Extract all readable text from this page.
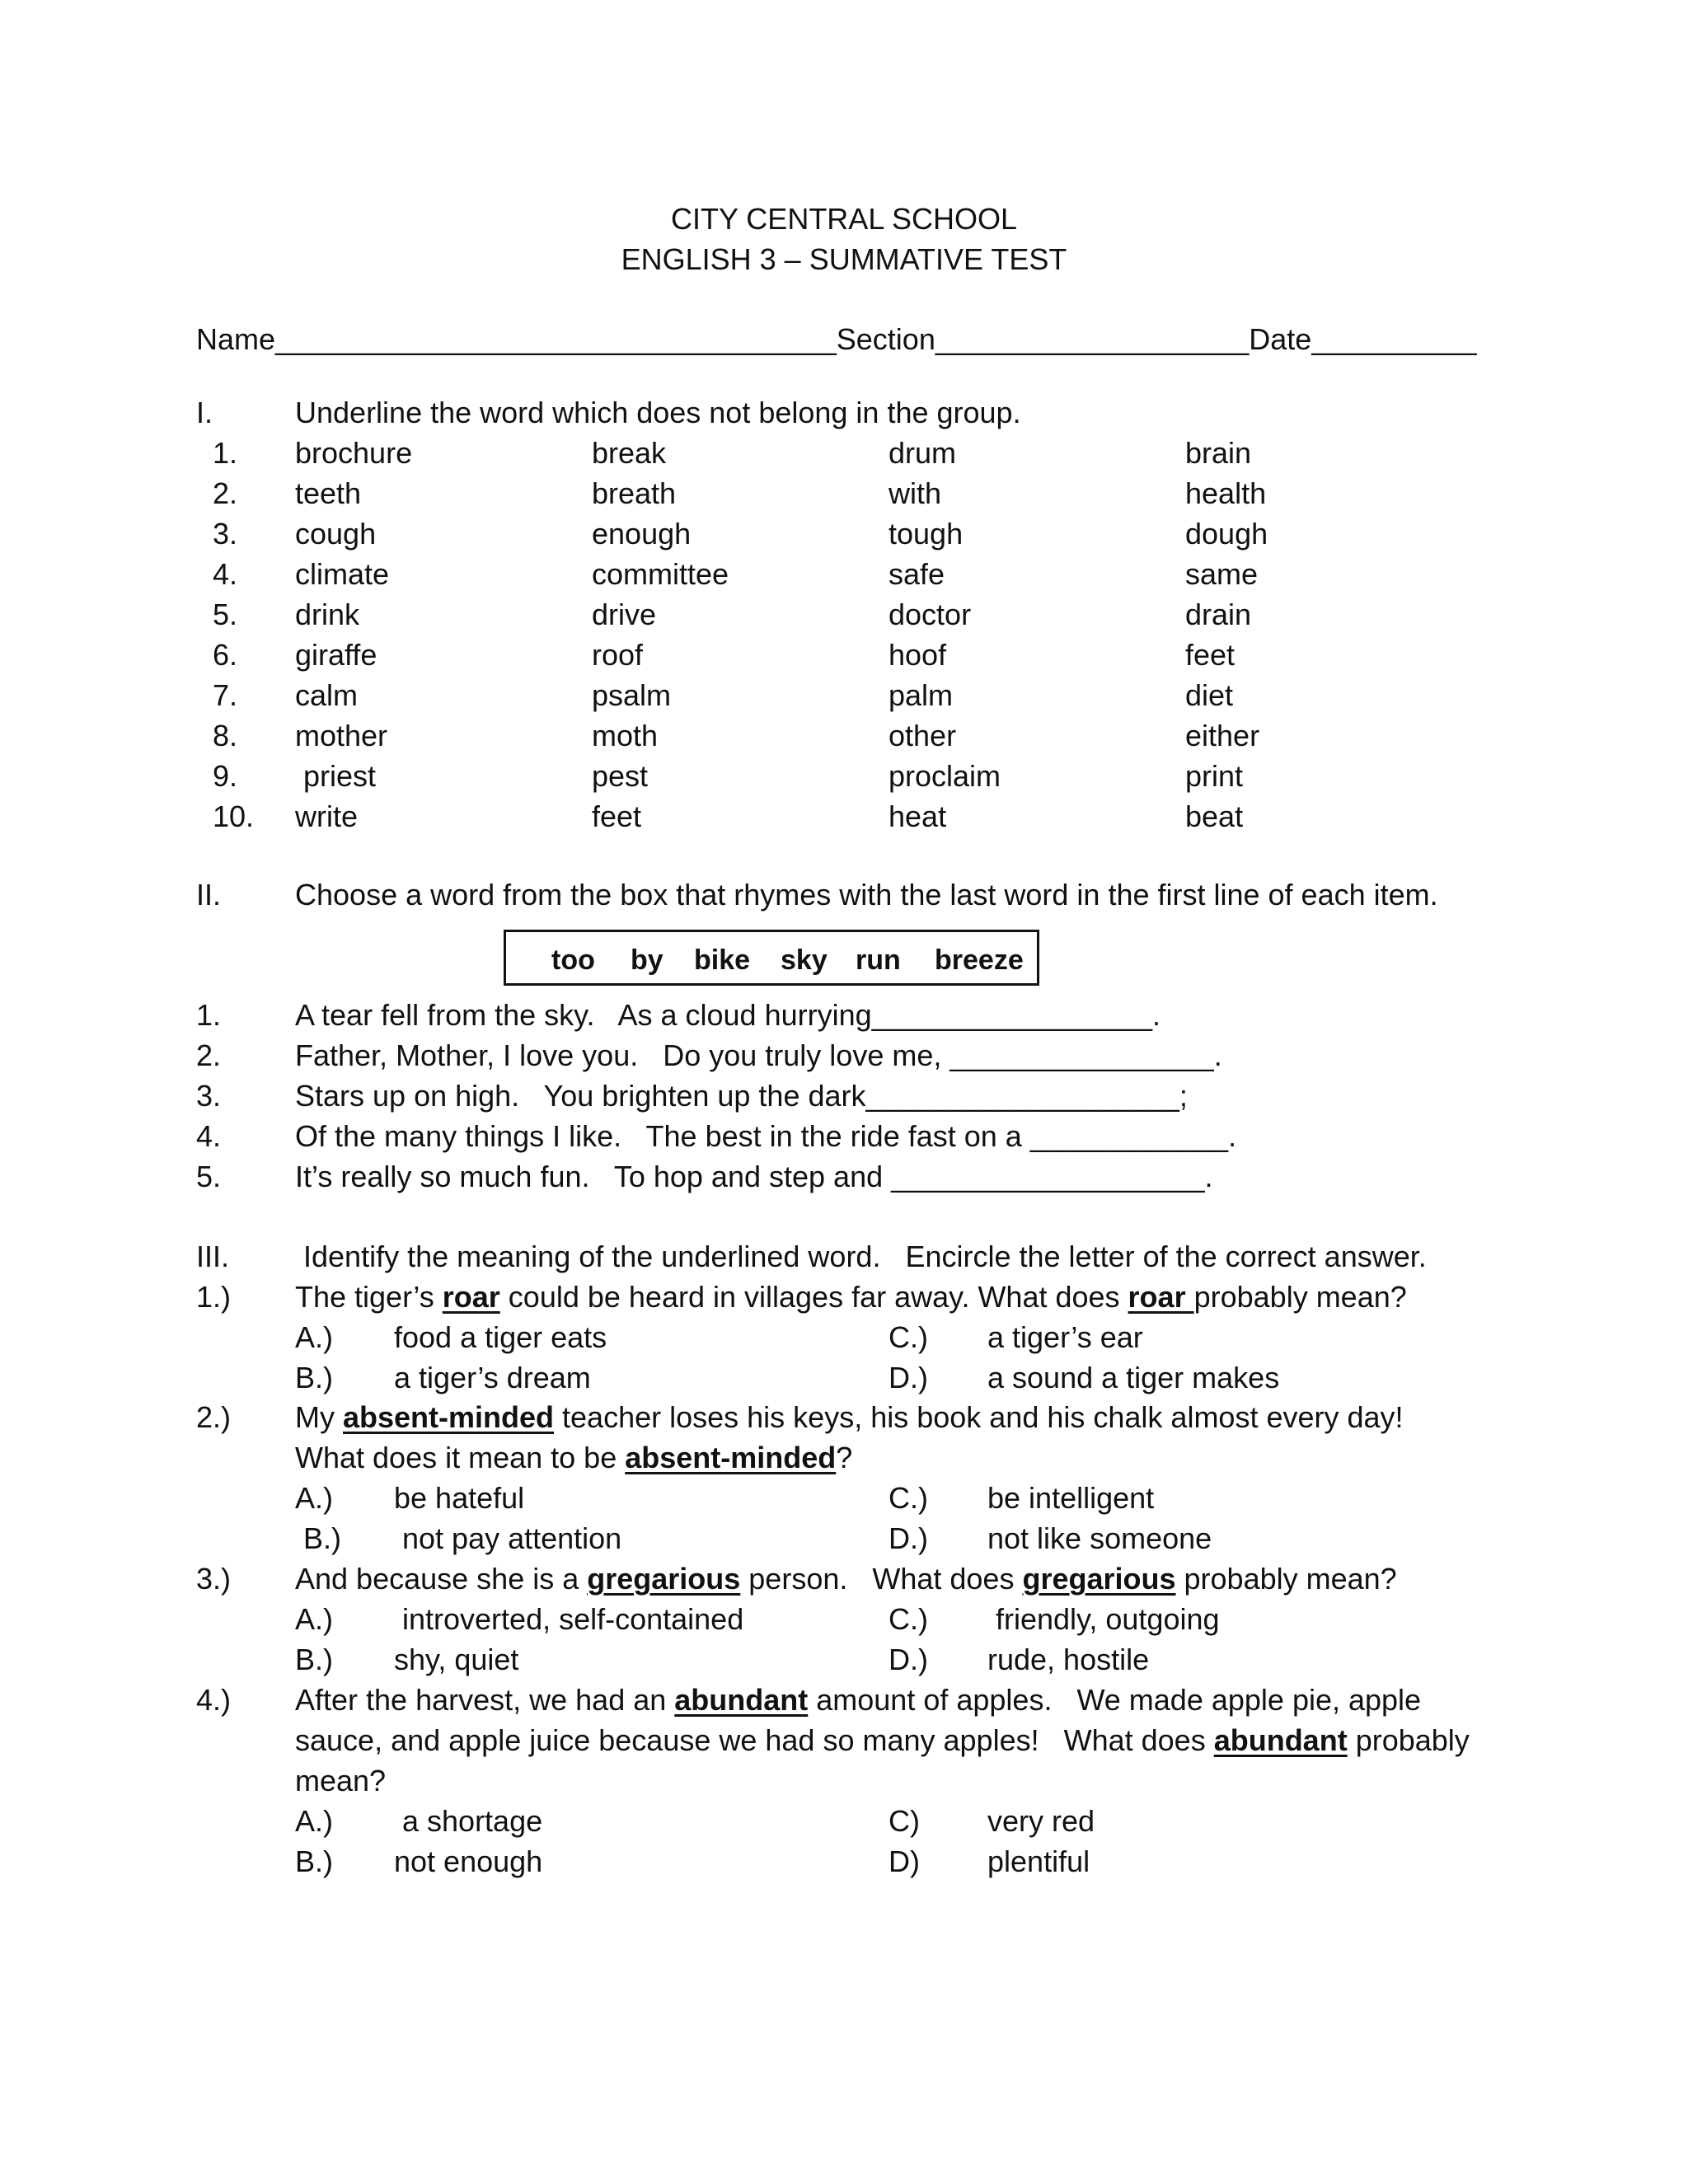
CITY CENTRAL SCHOOL
ENGLISH 3 – SUMMATIVE TEST
Name__________________________________Section___________________Date__________
I.	Underline the word which does not belong in the group.
1. brochure	break	drum	brain
2. teeth	breath	with	health
3. cough	enough	tough	dough
4. climate	committee	safe	same
5. drink	drive	doctor	drain
6. giraffe	roof	hoof	feet
7. calm	psalm	palm	diet
8. mother	moth	other	either
9. priest	pest	proclaim	print
10. write	feet	heat	beat
II. Choose a word from the box that rhymes with the last word in the first line of each item.
too by bike sky run breeze
1. A tear fell from the sky.   As a cloud hurrying_________________.
2. Father, Mother, I love you.   Do you truly love me, ________________.
3. Stars up on high.   You brighten up the dark___________________;
4. Of the many things I like.   The best in the ride fast on a ____________.
5. It’s really so much fun.   To hop and step and ___________________.
III. Identify the meaning of the underlined word.   Encircle the letter of the correct answer.
1.) The tiger’s roar could be heard in villages far away. What does roar probably mean?
A.) food a tiger eats	C.) a tiger’s ear
B.) a tiger’s dream	D.) a sound a tiger makes
2.) My absent-minded teacher loses his keys, his book and his chalk almost every day!
What does it mean to be absent-minded?
A.) be hateful	C.) be intelligent
B.) not pay attention	D.) not like someone
3.) And because she is a gregarious person.   What does gregarious probably mean?
A.) introverted, self-contained	C.) friendly, outgoing
B.) shy, quiet	D.) rude, hostile
4.) After the harvest, we had an abundant amount of apples.   We made apple pie, apple
sauce, and apple juice because we had so many apples!   What does abundant probably
mean?
A.) a shortage	C) very red
B.) not enough	D) plentiful
